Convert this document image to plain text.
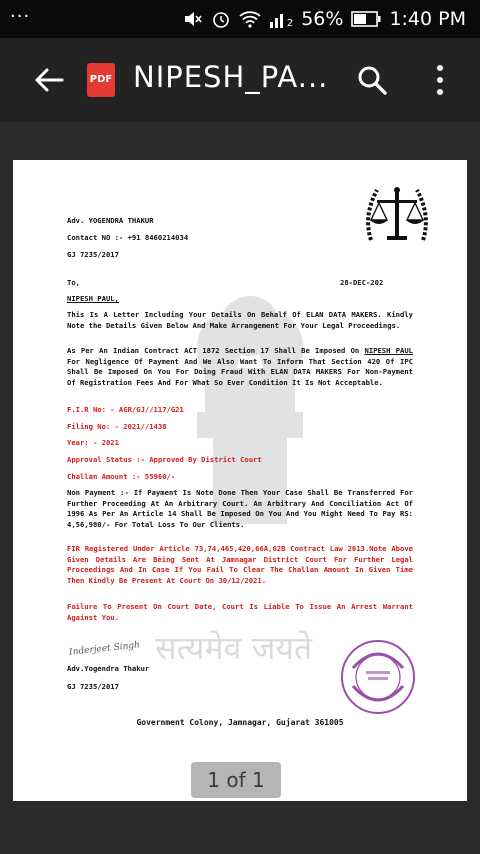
···	2 56% 1:40 PM
PDF NIPESH_PA...
सत्यमेव जयते
Adv. YOGENDRA THAKUR
Contact NO :- +91 8460214034
GJ 7235/2017
To,	28-DEC-202
NIPESH PAUL,
This Is A Letter Including Your Details On Behalf Of ELAN DATA MAKERS. Kindly Note the Details Given Below And Make Arrangement For Your Legal Proceedings.
As Per An Indian Contract ACT 1872 Section 17 Shall Be Imposed On NIPESH PAUL For Negligence Of Payment And We Also Want To Inform That Section 420 Of IPC Shall Be Imposed On You For Doing Fraud With ELAN DATA MAKERS For Non-Payment Of Registration Fees And For What So Ever Condition It Is Not Acceptable.
F.I.R No: - AGR/GJ//117/G21
Filing No: - 2021//1438
Year: - 2021
Approval Status :- Approved By District Court
Challan Amount :- 55960/-
Non Payment :- If Payment Is Note Done Then Your Case Shall Be Transferred For Further Proceeding At An Arbitrary Court. An Arbitrary And Conciliation Act Of 1996 As Per An Article 14 Shall Be Imposed On You And You Might Need To Pay RS: 4,56,980/- For Total Loss To Our Clients.
FIR Registered Under Article 73,74,465,420,66A,62B Contract Law 2013.Note Above Given Details Are Being Sent At Jamnagar District Court For Further Legal Proceedings And In Case If You Fail To Clear The Challan Amount In Given Time Then Kindly Be Present At Court On 30/12/2021.
Failure To Present On Court Date, Court Is Liable To Issue An Arrest Warrant Against You.
Inderjeet Singh
Adv.Yogendra Thakur
GJ 7235/2017
Government Colony, Jamnagar, Gujarat 361005
1 of 1
